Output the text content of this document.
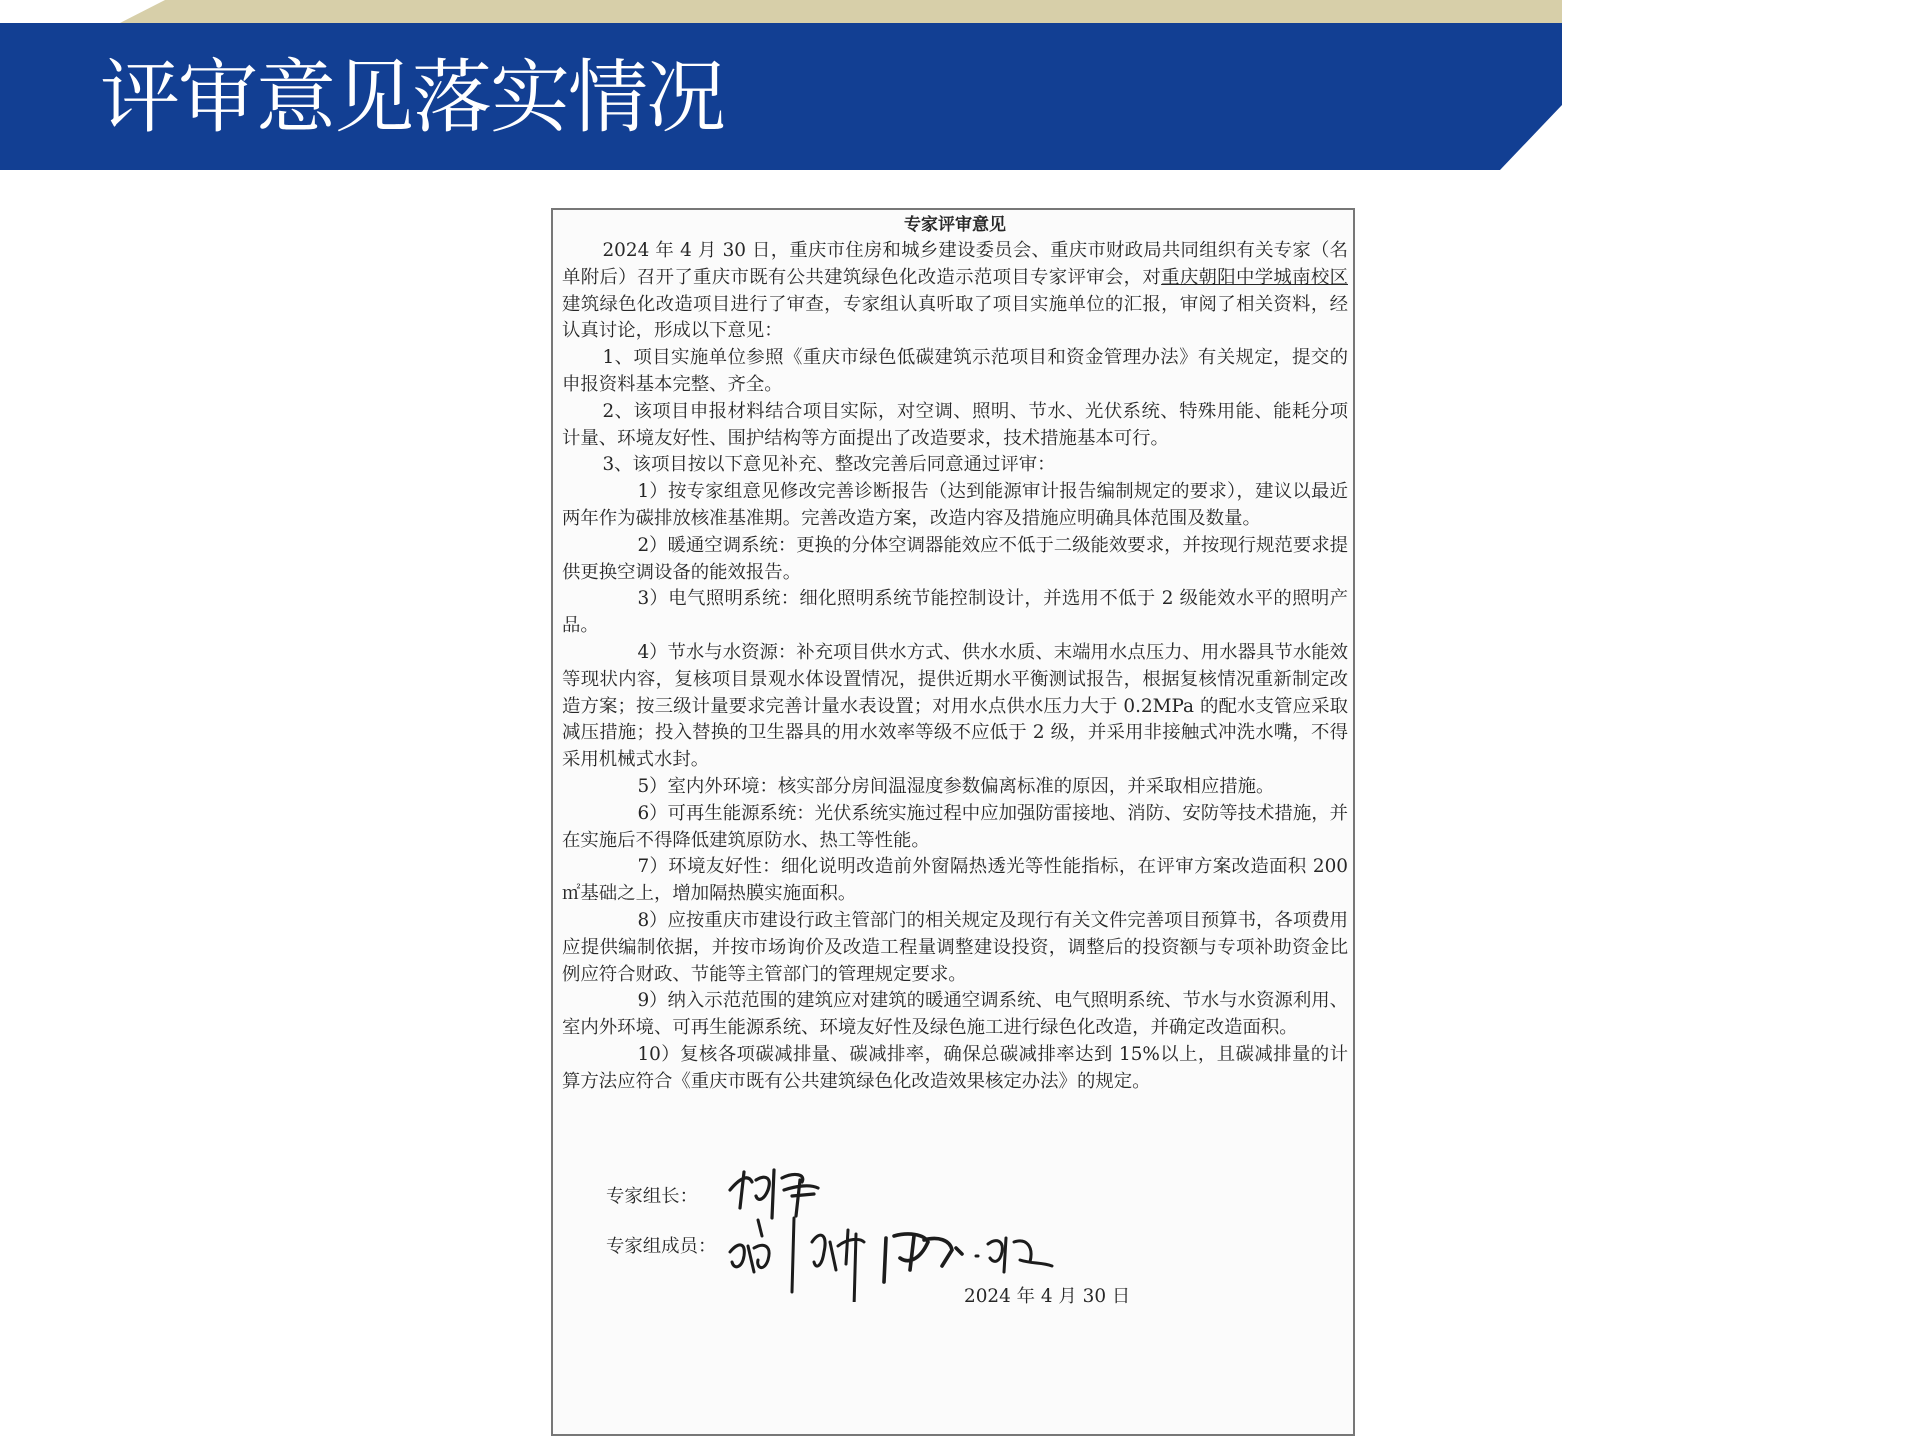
评审意见落实情况
专家评审意见

2024 年 4 月 30 日，重庆市住房和城乡建设委员会、重庆市财政局共同组织有关专家（名单附后）召开了重庆市既有公共建筑绿色化改造示范项目专家评审会，对重庆朝阳中学城南校区建筑绿色化改造项目进行了审查，专家组认真听取了项目实施单位的汇报，审阅了相关资料，经认真讨论，形成以下意见：

1、项目实施单位参照《重庆市绿色低碳建筑示范项目和资金管理办法》有关规定，提交的申报资料基本完整、齐全。

2、该项目申报材料结合项目实际，对空调、照明、节水、光伏系统、特殊用能、能耗分项计量、环境友好性、围护结构等方面提出了改造要求，技术措施基本可行。

3、该项目按以下意见补充、整改完善后同意通过评审：

1）按专家组意见修改完善诊断报告（达到能源审计报告编制规定的要求），建议以最近两年作为碳排放核准基准期。完善改造方案，改造内容及措施应明确具体范围及数量。

2）暖通空调系统：更换的分体空调器能效应不低于二级能效要求，并按现行规范要求提供更换空调设备的能效报告。

3）电气照明系统：细化照明系统节能控制设计，并选用不低于 2 级能效水平的照明产品。

4）节水与水资源：补充项目供水方式、供水水质、末端用水点压力、用水器具节水能效等现状内容，复核项目景观水体设置情况，提供近期水平衡测试报告，根据复核情况重新制定改造方案；按三级计量要求完善计量水表设置；对用水点供水压力大于 0.2MPa 的配水支管应采取减压措施；投入替换的卫生器具的用水效率等级不应低于 2 级，并采用非接触式冲洗水嘴，不得采用机械式水封。

5）室内外环境：核实部分房间温湿度参数偏离标准的原因，并采取相应措施。

6）可再生能源系统：光伏系统实施过程中应加强防雷接地、消防、安防等技术措施，并在实施后不得降低建筑原防水、热工等性能。

7）环境友好性：细化说明改造前外窗隔热透光等性能指标，在评审方案改造面积 200 ㎡基础之上，增加隔热膜实施面积。

8）应按重庆市建设行政主管部门的相关规定及现行有关文件完善项目预算书，各项费用应提供编制依据，并按市场询价及改造工程量调整建设投资，调整后的投资额与专项补助资金比例应符合财政、节能等主管部门的管理规定要求。

9）纳入示范范围的建筑应对建筑的暖通空调系统、电气照明系统、节水与水资源利用、室内外环境、可再生能源系统、环境友好性及绿色施工进行绿色化改造，并确定改造面积。

10）复核各项碳减排量、碳减排率，确保总碳减排率达到 15%以上，且碳减排量的计算方法应符合《重庆市既有公共建筑绿色化改造效果核定办法》的规定。

专家组长：
专家组成员：
2024 年 4 月 30 日
